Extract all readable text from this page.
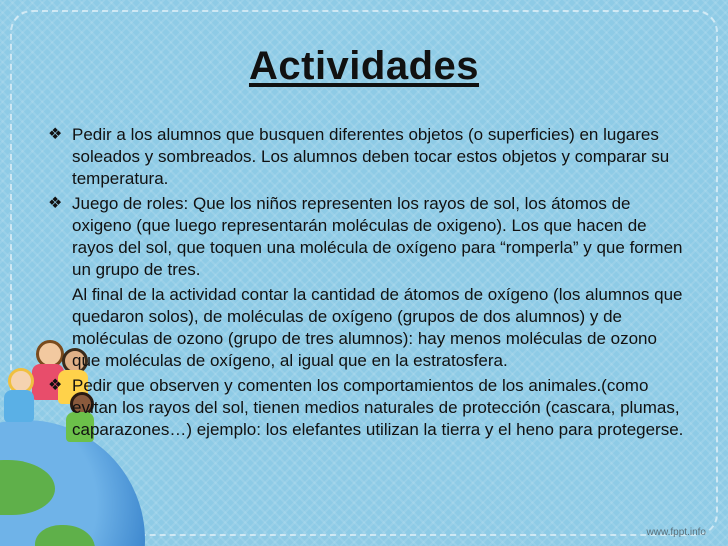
Actividades
❖ Pedir a los alumnos que busquen diferentes objetos (o superficies) en lugares soleados y sombreados. Los alumnos deben tocar estos objetos y comparar su temperatura.
❖ Juego de roles: Que los niños representen los rayos de sol, los átomos de oxigeno (que luego representarán moléculas de oxigeno). Los que hacen de rayos del sol, que toquen una molécula de oxígeno para “romperla” y que formen un grupo de tres.
Al final de la actividad contar la cantidad de átomos de oxígeno (los alumnos que quedaron solos), de moléculas de oxígeno (grupos de dos alumnos) y de moléculas de ozono (grupo de tres alumnos): hay menos moléculas de ozono que moléculas de oxígeno, al igual que en la estratosfera.
❖ Pedir que observen y comenten los comportamientos de los animales.(como evitan los rayos del sol, tienen medios naturales de protección (cascara, plumas, caparazones…) ejemplo: los elefantes utilizan la tierra y el heno para protegerse.
www.fppt.info
